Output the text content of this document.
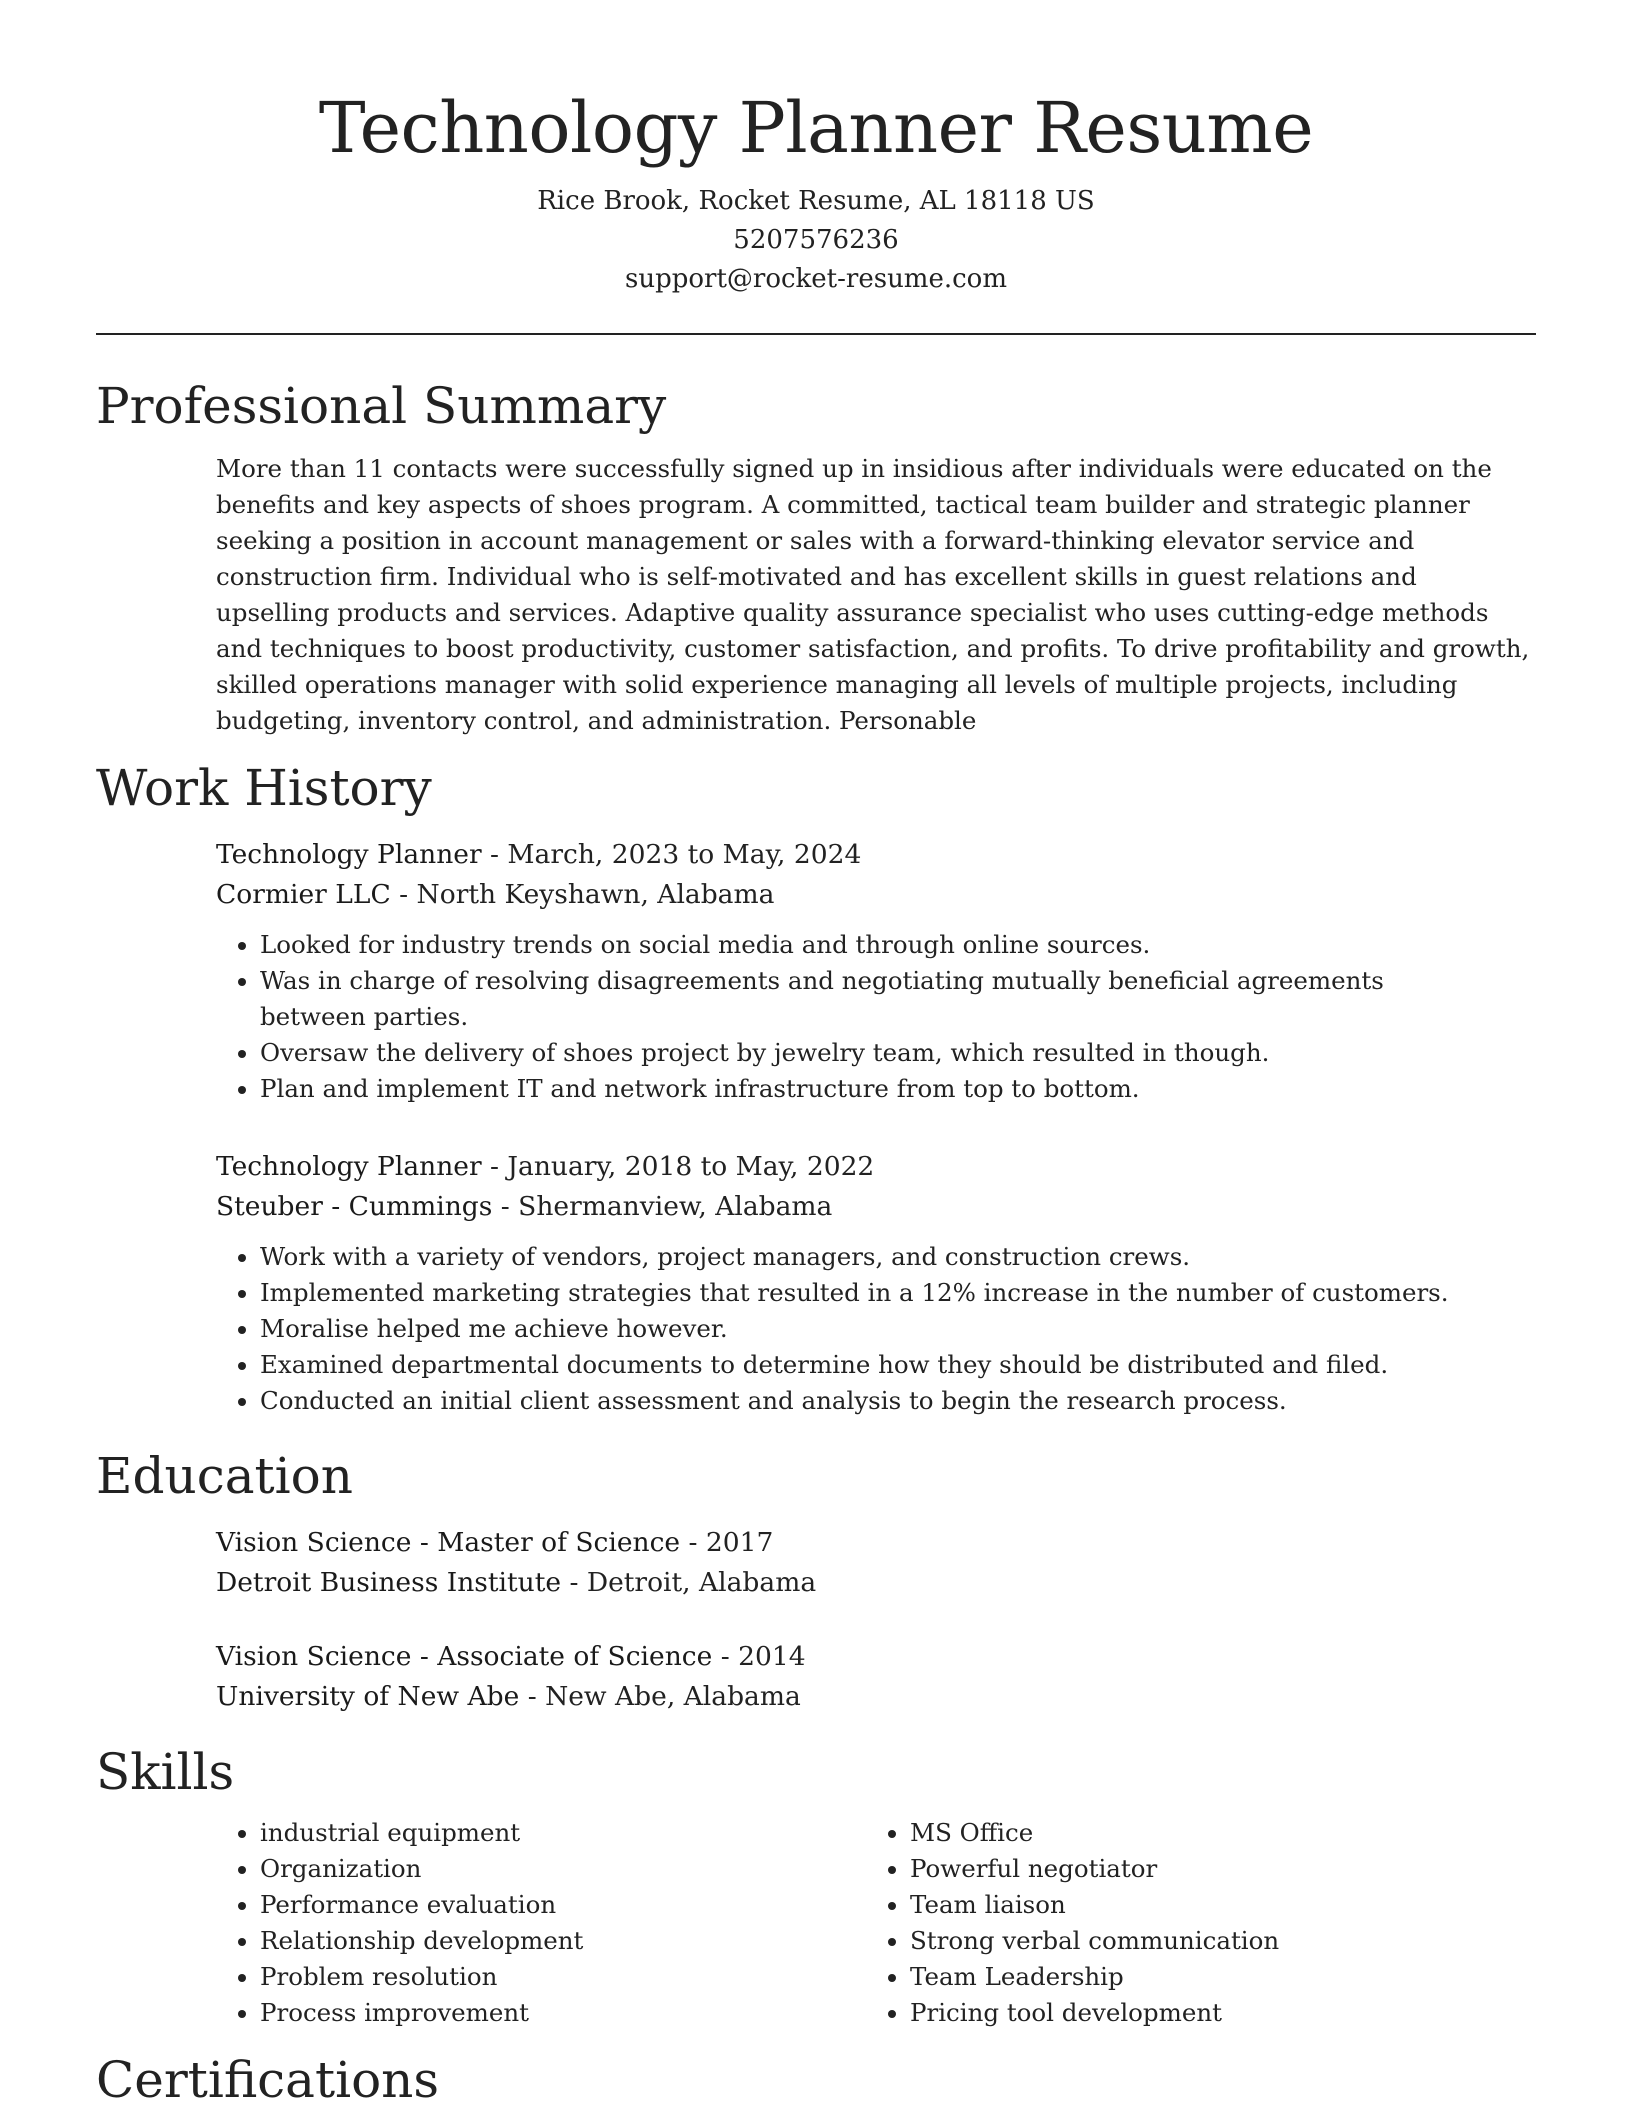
Technology Planner Resume

Rice Brook, Rocket Resume, AL 18118 US

5207576236

support@rocket-resume.com

Professional Summary

More than 11 contacts were successfully signed up in insidious after individuals were educated on the benefits and key aspects of shoes program. A committed, tactical team builder and strategic planner seeking a position in account management or sales with a forward-thinking elevator service and construction firm. Individual who is self-motivated and has excellent skills in guest relations and upselling products and services. Adaptive quality assurance specialist who uses cutting-edge methods and techniques to boost productivity, customer satisfaction, and profits. To drive profitability and growth, skilled operations manager with solid experience managing all levels of multiple projects, including budgeting, inventory control, and administration. Personable

Work History

Technology Planner - March, 2023 to May, 2024

Cormier LLC - North Keyshawn, Alabama

• Looked for industry trends on social media and through online sources.
• Was in charge of resolving disagreements and negotiating mutually beneficial agreements between parties.
• Oversaw the delivery of shoes project by jewelry team, which resulted in though.
• Plan and implement IT and network infrastructure from top to bottom.

Technology Planner - January, 2018 to May, 2022

Steuber - Cummings - Shermanview, Alabama

• Work with a variety of vendors, project managers, and construction crews.
• Implemented marketing strategies that resulted in a 12% increase in the number of customers.
• Moralise helped me achieve however.
• Examined departmental documents to determine how they should be distributed and filed.
• Conducted an initial client assessment and analysis to begin the research process.
Education

Vision Science - Master of Science - 2017

Detroit Business Institute - Detroit, Alabama

Vision Science - Associate of Science - 2014

University of New Abe - New Abe, Alabama

Skills
• industrial equipment
• Organization
• Performance evaluation
• Relationship development
• Problem resolution
• Process improvement
• MS Office
• Powerful negotiator
• Team liaison
• Strong verbal communication
• Team Leadership
• Pricing tool development
Certifications
